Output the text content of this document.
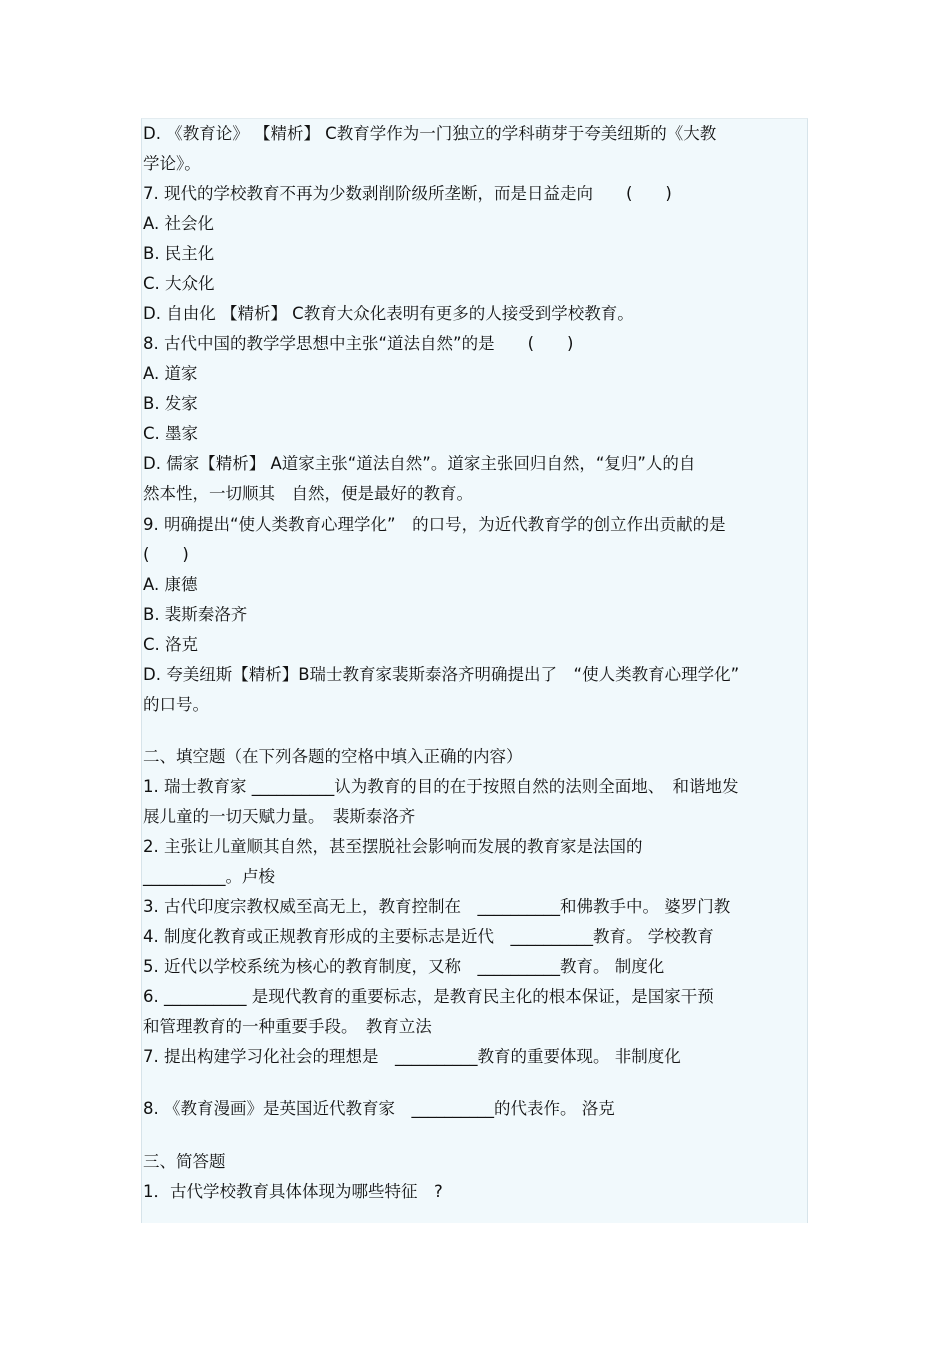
D. 《教育论》 【精析】 C教育学作为一门独立的学科萌芽于夸美纽斯的《大教
学论》。
7. 现代的学校教育不再为少数剥削阶级所垄断，而是日益走向　　(　　)
A. 社会化
B. 民主化
C. 大众化
D. 自由化 【精析】 C教育大众化表明有更多的人接受到学校教育。
8. 古代中国的教学学思想中主张“道法自然”的是　　(　　)
A. 道家
B. 发家
C. 墨家
D. 儒家【精析】 A道家主张“道法自然”。道家主张回归自然，“复归”人的自
然本性，一切顺其　自然，便是最好的教育。
9. 明确提出“使人类教育心理学化”　的口号，为近代教育学的创立作出贡献的是
(　　)
A. 康德
B. 裴斯秦洛齐
C. 洛克
D. 夸美纽斯【精析】B瑞士教育家裴斯泰洛齐明确提出了　“使人类教育心理学化”
的口号。
二、填空题（在下列各题的空格中填入正确的内容）
1. 瑞士教育家 __________认为教育的目的在于按照自然的法则全面地、　和谐地发
展儿童的一切天赋力量。　裴斯泰洛齐
2. 主张让儿童顺其自然，甚至摆脱社会影响而发展的教育家是法国的
__________。卢梭
3. 古代印度宗教权威至高无上，教育控制在　__________和佛教手中。 婆罗门教
4. 制度化教育或正规教育形成的主要标志是近代　__________教育。 学校教育
5. 近代以学校系统为核心的教育制度，又称　__________教育。 制度化
6. __________ 是现代教育的重要标志，是教育民主化的根本保证，是国家干预
和管理教育的一种重要手段。　教育立法
7. 提出构建学习化社会的理想是　__________教育的重要体现。 非制度化
8. 《教育漫画》是英国近代教育家　__________的代表作。 洛克
三、简答题
1．古代学校教育具体体现为哪些特征　?
